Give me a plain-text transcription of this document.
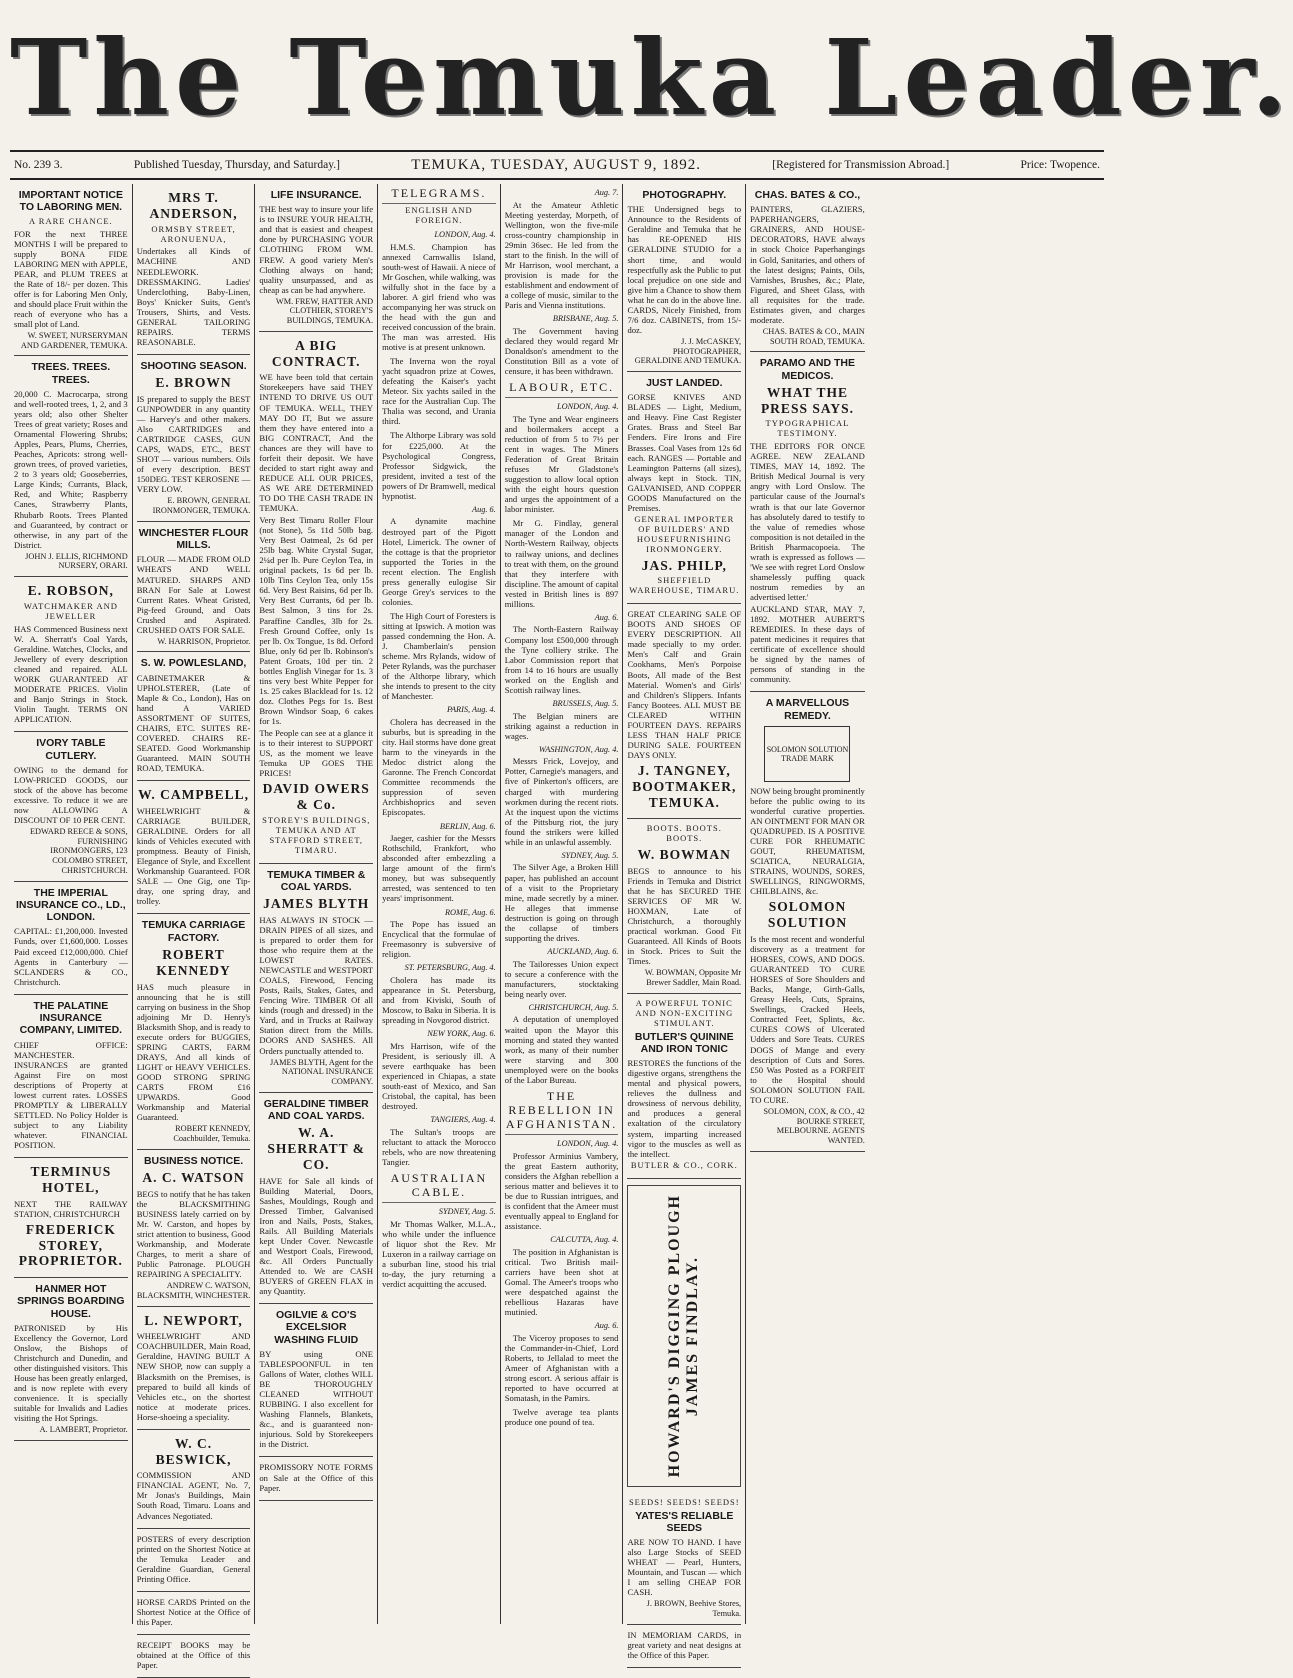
The Temuka Leader.
No. 239 3.	Published Tuesday, Thursday, and Saturday.]	TEMUKA, TUESDAY, AUGUST 9, 1892.	[Registered for Transmission Abroad.]	Price: Twopence.
IMPORTANT NOTICE TO LABORING MEN.
A RARE CHANCE.
FOR the next THREE MONTHS I will be prepared to supply BONA FIDE LABORING MEN with APPLE, PEAR, and PLUM TREES at the Rate of 18/- per dozen. This offer is for Laboring Men Only, and should place Fruit within the reach of everyone who has a small plot of Land.
W. SWEET, NURSERYMAN AND GARDENER, TEMUKA.
TREES. TREES. TREES.
20,000 C. Macrocarpa, strong and well-rooted trees, 1, 2, and 3 years old; also other Shelter Trees of great variety; Roses and Ornamental Flowering Shrubs; Apples, Pears, Plums, Cherries, Peaches, Apricots: strong well-grown trees, of proved varieties, 2 to 3 years old; Gooseberries, Large Kinds; Currants, Black, Red, and White; Raspberry Canes, Strawberry Plants, Rhubarb Roots. Trees Planted and Guaranteed, by contract or otherwise, in any part of the District.
JOHN J. ELLIS, RICHMOND NURSERY, ORARI.
E. ROBSON,
WATCHMAKER AND JEWELLER
HAS Commenced Business next W. A. Sherratt's Coal Yards, Geraldine. Watches, Clocks, and Jewellery of every description cleaned and repaired. ALL WORK GUARANTEED AT MODERATE PRICES. Violin and Banjo Strings in Stock. Violin Taught. TERMS ON APPLICATION.
IVORY TABLE CUTLERY.
OWING to the demand for LOW-PRICED GOODS, our stock of the above has become excessive. To reduce it we are now ALLOWING A DISCOUNT OF 10 PER CENT.
EDWARD REECE & SONS, FURNISHING IRONMONGERS, 123 COLOMBO STREET, CHRISTCHURCH.
THE IMPERIAL INSURANCE CO., LD., LONDON.
CAPITAL: £1,200,000. Invested Funds, over £1,600,000. Losses Paid exceed £12,000,000. Chief Agents in Canterbury — SCLANDERS & CO., Christchurch.
THE PALATINE INSURANCE COMPANY, LIMITED.
CHIEF OFFICE: MANCHESTER. INSURANCES are granted Against Fire on most descriptions of Property at lowest current rates. LOSSES PROMPTLY & LIBERALLY SETTLED. No Policy Holder is subject to any Liability whatever. FINANCIAL POSITION.
TERMINUS HOTEL,
NEXT THE RAILWAY STATION, CHRISTCHURCH
FREDERICK STOREY, PROPRIETOR.
HANMER HOT SPRINGS BOARDING HOUSE.
PATRONISED by His Excellency the Governor, Lord Onslow, the Bishops of Christchurch and Dunedin, and other distinguished visitors. This House has been greatly enlarged, and is now replete with every convenience. It is specially suitable for Invalids and Ladies visiting the Hot Springs.
A. LAMBERT, Proprietor.
MRS T. ANDERSON,
ORMSBY STREET, ARONUENUA,
Undertakes all Kinds of MACHINE AND NEEDLEWORK. DRESSMAKING. Ladies' Underclothing, Baby-Linen, Boys' Knicker Suits, Gent's Trousers, Shirts, and Vests. GENERAL TAILORING REPAIRS. TERMS REASONABLE.
SHOOTING SEASON.
E. BROWN
IS prepared to supply the BEST GUNPOWDER in any quantity — Harvey's and other makers. Also CARTRIDGES and CARTRIDGE CASES, GUN CAPS, WADS, ETC., BEST SHOT — various numbers. Oils of every description. BEST 150DEG. TEST KEROSENE — VERY LOW.
E. BROWN, GENERAL IRONMONGER, TEMUKA.
WINCHESTER FLOUR MILLS.
FLOUR — MADE FROM OLD WHEATS AND WELL MATURED. SHARPS AND BRAN For Sale at Lowest Current Rates. Wheat Gristed, Pig-feed Ground, and Oats Crushed and Aspirated. CRUSHED OATS FOR SALE.
W. HARRISON, Proprietor.
S. W. POWLESLAND,
CABINETMAKER & UPHOLSTERER, (Late of Maple & Co., London), Has on hand A VARIED ASSORTMENT OF SUITES, CHAIRS, ETC. SUITES RE-COVERED. CHAIRS RE-SEATED. Good Workmanship Guaranteed. MAIN SOUTH ROAD, TEMUKA.
W. CAMPBELL,
WHEELWRIGHT & CARRIAGE BUILDER, GERALDINE. Orders for all kinds of Vehicles executed with promptness. Beauty of Finish, Elegance of Style, and Excellent Workmanship Guaranteed. FOR SALE — One Gig, one Tip-dray, one spring dray, and trolley.
TEMUKA CARRIAGE FACTORY.
ROBERT KENNEDY
HAS much pleasure in announcing that he is still carrying on business in the Shop adjoining Mr D. Henry's Blacksmith Shop, and is ready to execute orders for BUGGIES, SPRING CARTS, FARM DRAYS, And all kinds of LIGHT or HEAVY VEHICLES. GOOD STRONG SPRING CARTS FROM £16 UPWARDS. Good Workmanship and Material Guaranteed.
ROBERT KENNEDY, Coachbuilder, Temuka.
BUSINESS NOTICE.
A. C. WATSON
BEGS to notify that he has taken the BLACKSMITHING BUSINESS lately carried on by Mr. W. Carston, and hopes by strict attention to business, Good Workmanship, and Moderate Charges, to merit a share of Public Patronage. PLOUGH REPAIRING A SPECIALITY.
ANDREW C. WATSON, BLACKSMITH, WINCHESTER.
L. NEWPORT,
WHEELWRIGHT AND COACHBUILDER, Main Road, Geraldine, HAVING BUILT A NEW SHOP, now can supply a Blacksmith on the Premises, is prepared to build all kinds of Vehicles etc., on the shortest notice at moderate prices. Horse-shoeing a speciality.
W. C. BESWICK,
COMMISSION AND FINANCIAL AGENT, No. 7, Mr Jonas's Buildings, Main South Road, Timaru. Loans and Advances Negotiated.
POSTERS of every description printed on the Shortest Notice at the Temuka Leader and Geraldine Guardian, General Printing Office.
HORSE CARDS Printed on the Shortest Notice at the Office of this Paper.
RECEIPT BOOKS may be obtained at the Office of this Paper.
LIFE INSURANCE.
THE best way to insure your life is to INSURE YOUR HEALTH, and that is easiest and cheapest done by PURCHASING YOUR CLOTHING FROM WM. FREW. A good variety Men's Clothing always on hand; quality unsurpassed, and as cheap as can be had anywhere.
WM. FREW, HATTER AND CLOTHIER, STOREY'S BUILDINGS, TEMUKA.
A BIG CONTRACT.
WE have been told that certain Storekeepers have said THEY INTEND TO DRIVE US OUT OF TEMUKA. WELL, THEY MAY DO IT, But we assure them they have entered into a BIG CONTRACT, And the chances are they will have to forfeit their deposit. We have decided to start right away and REDUCE ALL OUR PRICES, AS WE ARE DETERMINED TO DO THE CASH TRADE IN TEMUKA.
Very Best Timaru Roller Flour (not Stone), 5s 11d 50lb bag. Very Best Oatmeal, 2s 6d per 25lb bag. White Crystal Sugar, 2¼d per lb. Pure Ceylon Tea, in original packets, 1s 6d per lb. 10lb Tins Ceylon Tea, only 15s 6d. Very Best Raisins, 6d per lb. Very Best Currants, 6d per lb. Best Salmon, 3 tins for 2s. Paraffine Candles, 3lb for 2s. Fresh Ground Coffee, only 1s per lb. Ox Tongue, 1s 8d. Orford Blue, only 6d per lb. Robinson's Patent Groats, 10d per tin. 2 bottles English Vinegar for 1s. 3 tins very best White Pepper for 1s. 25 cakes Blacklead for 1s. 12 doz. Clothes Pegs for 1s. Best Brown Windsor Soap, 6 cakes for 1s.
The People can see at a glance it is to their interest to SUPPORT US, as the moment we leave Temuka UP GOES THE PRICES!
DAVID OWERS & Co.
STOREY'S BUILDINGS, TEMUKA AND AT STAFFORD STREET, TIMARU.
TEMUKA TIMBER & COAL YARDS.
JAMES BLYTH
HAS ALWAYS IN STOCK — DRAIN PIPES of all sizes, and is prepared to order them for those who require them at the LOWEST RATES. NEWCASTLE and WESTPORT COALS, Firewood, Fencing Posts, Rails, Stakes, Gates, and Fencing Wire. TIMBER Of all kinds (rough and dressed) in the Yard, and in Trucks at Railway Station direct from the Mills. DOORS AND SASHES. All Orders punctually attended to.
JAMES BLYTH, Agent for the NATIONAL INSURANCE COMPANY.
GERALDINE TIMBER AND COAL YARDS.
W. A. SHERRATT & CO.
HAVE for Sale all kinds of Building Material, Doors, Sashes, Mouldings, Rough and Dressed Timber, Galvanised Iron and Nails, Posts, Stakes, Rails. All Building Materials kept Under Cover. Newcastle and Westport Coals, Firewood, &c. All Orders Punctually Attended to. We are CASH BUYERS of GREEN FLAX in any Quantity.
OGILVIE & CO'S EXCELSIOR WASHING FLUID
BY using ONE TABLESPOONFUL in ten Gallons of Water, clothes WILL BE THOROUGHLY CLEANED WITHOUT RUBBING. I also excellent for Washing Flannels, Blankets, &c., and is guaranteed non-injurious. Sold by Storekeepers in the District.
PROMISSORY NOTE FORMS on Sale at the Office of this Paper.
TELEGRAMS.
ENGLISH AND FOREIGN.
LONDON, Aug. 4.
H.M.S. Champion has annexed Carnwallis Island, south-west of Hawaii. A niece of Mr Goschen, while walking, was wilfully shot in the face by a laborer. A girl friend who was accompanying her was struck on the head with the gun and received concussion of the brain. The man was arrested. His motive is at present unknown.
The Inverna won the royal yacht squadron prize at Cowes, defeating the Kaiser's yacht Meteor. Six yachts sailed in the race for the Australian Cup. The Thalia was second, and Urania third.
The Althorpe Library was sold for £225,000. At the Psychological Congress, Professor Sidgwick, the president, invited a test of the powers of Dr Bramwell, medical hypnotist.
Aug. 6.
A dynamite machine destroyed part of the Pigott Hotel, Limerick. The owner of the cottage is that the proprietor supported the Tories in the recent election. The English press generally eulogise Sir George Grey's services to the colonies.
The High Court of Foresters is sitting at Ipswich. A motion was passed condemning the Hon. A. J. Chamberlain's pension scheme. Mrs Rylands, widow of Peter Rylands, was the purchaser of the Althorpe library, which she intends to present to the city of Manchester.
PARIS, Aug. 4.
Cholera has decreased in the suburbs, but is spreading in the city. Hail storms have done great harm to the vineyards in the Medoc district along the Garonne. The French Concordat Committee recommends the suppression of seven Archbishoprics and seven Episcopates.
BERLIN, Aug. 6.
Jaeger, cashier for the Messrs Rothschild, Frankfort, who absconded after embezzling a large amount of the firm's money, but was subsequently arrested, was sentenced to ten years' imprisonment.
ROME, Aug. 6.
The Pope has issued an Encyclical that the formulae of Freemasonry is subversive of religion.
ST. PETERSBURG, Aug. 4.
Cholera has made its appearance in St. Petersburg, and from Kiviski, South of Moscow, to Baku in Siberia. It is spreading in Novgorod district.
NEW YORK, Aug. 6.
Mrs Harrison, wife of the President, is seriously ill. A severe earthquake has been experienced in Chiapas, a state south-east of Mexico, and San Cristobal, the capital, has been destroyed.
TANGIERS, Aug. 4.
The Sultan's troops are reluctant to attack the Morocco rebels, who are now threatening Tangier.
AUSTRALIAN CABLE.
SYDNEY, Aug. 5.
Mr Thomas Walker, M.L.A., who while under the influence of liquor shot the Rev. Mr Luxeron in a railway carriage on a suburban line, stood his trial to-day, the jury returning a verdict acquitting the accused.
Aug. 7.
At the Amateur Athletic Meeting yesterday, Morpeth, of Wellington, won the five-mile cross-country championship in 29min 36sec. He led from the start to the finish. In the will of Mr Harrison, wool merchant, a provision is made for the establishment and endowment of a college of music, similar to the Paris and Vienna institutions.
BRISBANE, Aug. 5.
The Government having declared they would regard Mr Donaldson's amendment to the Constitution Bill as a vote of censure, it has been withdrawn.
LABOUR, ETC.
LONDON, Aug. 4.
The Tyne and Wear engineers and boilermakers accept a reduction of from 5 to 7½ per cent in wages. The Miners Federation of Great Britain refuses Mr Gladstone's suggestion to allow local option with the eight hours question and urges the appointment of a labor minister.
Mr G. Findlay, general manager of the London and North-Western Railway, objects to railway unions, and declines to treat with them, on the ground that they interfere with discipline. The amount of capital vested in British lines is 897 millions.
Aug. 6.
The North-Eastern Railway Company lost £500,000 through the Tyne colliery strike. The Labor Commission report that from 14 to 16 hours are usually worked on the English and Scottish railway lines.
BRUSSELS, Aug. 5.
The Belgian miners are striking against a reduction in wages.
WASHINGTON, Aug. 4.
Messrs Frick, Lovejoy, and Potter, Carnegie's managers, and five of Pinkerton's officers, are charged with murdering workmen during the recent riots. At the inquest upon the victims of the Pittsburg riot, the jury found the strikers were killed while in an unlawful assembly.
SYDNEY, Aug. 5.
The Silver Age, a Broken Hill paper, has published an account of a visit to the Proprietary mine, made secretly by a miner. He alleges that immense destruction is going on through the collapse of timbers supporting the drives.
AUCKLAND, Aug. 6.
The Tailoresses Union expect to secure a conference with the manufacturers, stocktaking being nearly over.
CHRISTCHURCH, Aug. 5.
A deputation of unemployed waited upon the Mayor this morning and stated they wanted work, as many of their number were starving and 300 unemployed were on the books of the Labor Bureau.
THE REBELLION IN AFGHANISTAN.
LONDON, Aug. 4.
Professor Arminius Vambery, the great Eastern authority, considers the Afghan rebellion a serious matter and believes it to be due to Russian intrigues, and is confident that the Ameer must eventually appeal to England for assistance.
CALCUTTA, Aug. 4.
The position in Afghanistan is critical. Two British mail-carriers have been shot at Gomal. The Ameer's troops who were despatched against the rebellious Hazaras have mutinied.
Aug. 6.
The Viceroy proposes to send the Commander-in-Chief, Lord Roberts, to Jellalad to meet the Ameer of Afghanistan with a strong escort. A serious affair is reported to have occurred at Somatash, in the Pamirs.
Twelve average tea plants produce one pound of tea.
PHOTOGRAPHY.
THE Undersigned begs to Announce to the Residents of Geraldine and Temuka that he has RE-OPENED HIS GERALDINE STUDIO for a short time, and would respectfully ask the Public to put local prejudice on one side and give him a Chance to show them what he can do in the above line. CARDS, Nicely Finished, from 7/6 doz. CABINETS, from 15/- doz.
J. J. McCASKEY, PHOTOGRAPHER, GERALDINE AND TEMUKA.
JUST LANDED.
GORSE KNIVES AND BLADES — Light, Medium, and Heavy. Fine Cast Register Grates. Brass and Steel Bar Fenders. Fire Irons and Fire Brasses. Coal Vases from 12s 6d each. RANGES — Portable and Leamington Patterns (all sizes), always kept in Stock. TIN, GALVANISED, AND COPPER GOODS Manufactured on the Premises.
GENERAL IMPORTER OF BUILDERS' AND HOUSEFURNISHING IRONMONGERY.
JAS. PHILP,
SHEFFIELD WAREHOUSE, TIMARU.
GREAT CLEARING SALE OF BOOTS AND SHOES OF EVERY DESCRIPTION. All made specially to my order. Men's Calf and Grain Cookhams, Men's Porpoise Boots, All made of the Best Material. Women's and Girls' and Children's Slippers. Infants Fancy Bootees. ALL MUST BE CLEARED WITHIN FOURTEEN DAYS. REPAIRS LESS THAN HALF PRICE DURING SALE. FOURTEEN DAYS ONLY.
J. TANGNEY, BOOTMAKER, TEMUKA.
BOOTS. BOOTS. BOOTS.
W. BOWMAN
BEGS to announce to his Friends in Temuka and District that he has SECURED THE SERVICES OF MR W. HOXMAN, Late of Christchurch, a thoroughly practical workman. Good Fit Guaranteed. All Kinds of Boots in Stock. Prices to Suit the Times.
W. BOWMAN, Opposite Mr Brewer Saddler, Main Road.
A POWERFUL TONIC AND NON-EXCITING STIMULANT.
BUTLER'S QUININE AND IRON TONIC
RESTORES the functions of the digestive organs, strengthens the mental and physical powers, relieves the dullness and drowsiness of nervous debility, and produces a general exaltation of the circulatory system, imparting increased vigor to the muscles as well as the intellect.
BUTLER & CO., CORK.
HOWARD'S DIGGING PLOUGH JAMES FINDLAY.
SEEDS! SEEDS! SEEDS!
YATES'S RELIABLE SEEDS
ARE NOW TO HAND. I have also Large Stocks of SEED WHEAT — Pearl, Hunters, Mountain, and Tuscan — which I am selling CHEAP FOR CASH.
J. BROWN, Beehive Stores, Temuka.
IN MEMORIAM CARDS, in great variety and neat designs at the Office of this Paper.
CHAS. BATES & CO.,
PAINTERS, GLAZIERS, PAPERHANGERS, GRAINERS, AND HOUSE-DECORATORS, HAVE always in stock Choice Paperhangings in Gold, Sanitaries, and others of the latest designs; Paints, Oils, Varnishes, Brushes, &c.; Plate, Figured, and Sheet Glass, with all requisites for the trade. Estimates given, and charges moderate.
CHAS. BATES & CO., MAIN SOUTH ROAD, TEMUKA.
PARAMO AND THE MEDICOS.
WHAT THE PRESS SAYS.
TYPOGRAPHICAL TESTIMONY.
THE EDITORS FOR ONCE AGREE. NEW ZEALAND TIMES, MAY 14, 1892. The British Medical Journal is very angry with Lord Onslow. The particular cause of the Journal's wrath is that our late Governor has absolutely dared to testify to the value of remedies whose composition is not detailed in the British Pharmacopoeia. The wrath is expressed as follows — 'We see with regret Lord Onslow shamelessly puffing quack nostrum remedies by an advertised letter.'
AUCKLAND STAR, MAY 7, 1892. MOTHER AUBERT'S REMEDIES. In these days of patent medicines it requires that certificate of excellence should be signed by the names of persons of standing in the community.
A MARVELLOUS REMEDY.
SOLOMON SOLUTION TRADE MARK
NOW being brought prominently before the public owing to its wonderful curative properties. AN OINTMENT FOR MAN OR QUADRUPED. IS A POSITIVE CURE FOR RHEUMATIC GOUT, RHEUMATISM, SCIATICA, NEURALGIA, STRAINS, WOUNDS, SORES, SWELLINGS, RINGWORMS, CHILBLAINS, &c.
SOLOMON SOLUTION
Is the most recent and wonderful discovery as a treatment for HORSES, COWS, AND DOGS. GUARANTEED TO CURE HORSES of Sore Shoulders and Backs, Mange, Girth-Galls, Greasy Heels, Cuts, Sprains, Swellings, Cracked Heels, Contracted Feet, Splints, &c. CURES COWS of Ulcerated Udders and Sore Teats. CURES DOGS of Mange and every description of Cuts and Sores. £50 Was Posted as a FORFEIT to the Hospital should SOLOMON SOLUTION FAIL TO CURE.
SOLOMON, COX, & CO., 42 BOURKE STREET, MELBOURNE. AGENTS WANTED.
